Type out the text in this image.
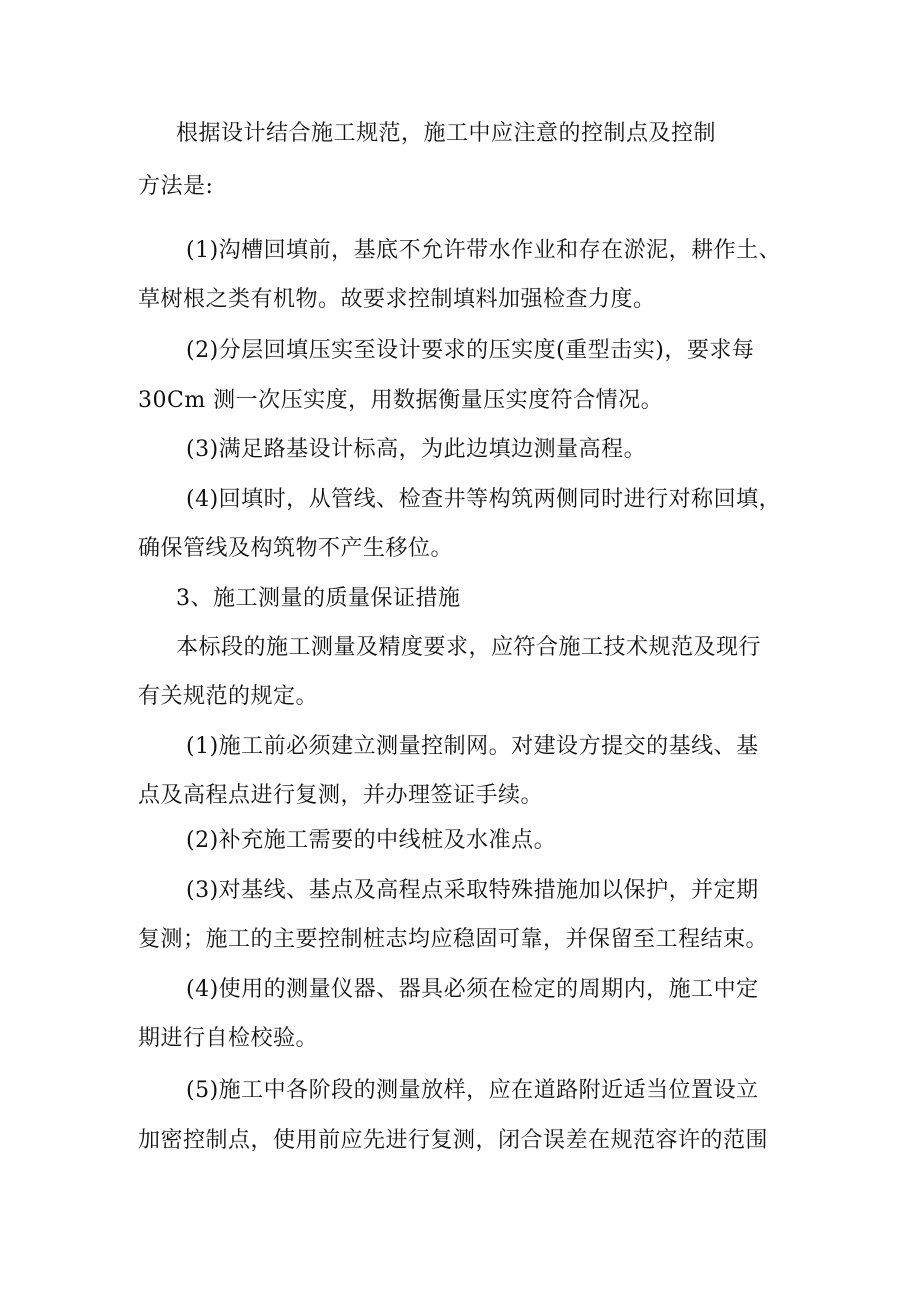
根据设计结合施工规范，施工中应注意的控制点及控制
方法是:
(1)沟槽回填前，基底不允许带水作业和存在淤泥，耕作土、
草树根之类有机物。故要求控制填料加强检查力度。
(2)分层回填压实至设计要求的压实度(重型击实)，要求每
30Cm 测一次压实度，用数据衡量压实度符合情况。
(3)满足路基设计标高，为此边填边测量高程。
(4)回填时，从管线、检查井等构筑两侧同时进行对称回填，
确保管线及构筑物不产生移位。
3、施工测量的质量保证措施
本标段的施工测量及精度要求，应符合施工技术规范及现行
有关规范的规定。
(1)施工前必须建立测量控制网。对建设方提交的基线、基
点及高程点进行复测，并办理签证手续。
(2)补充施工需要的中线桩及水准点。
(3)对基线、基点及高程点采取特殊措施加以保护，并定期
复测；施工的主要控制桩志均应稳固可靠，并保留至工程结束。
(4)使用的测量仪器、器具必须在检定的周期内，施工中定
期进行自检校验。
(5)施工中各阶段的测量放样，应在道路附近适当位置设立
加密控制点，使用前应先进行复测，闭合误差在规范容许的范围
